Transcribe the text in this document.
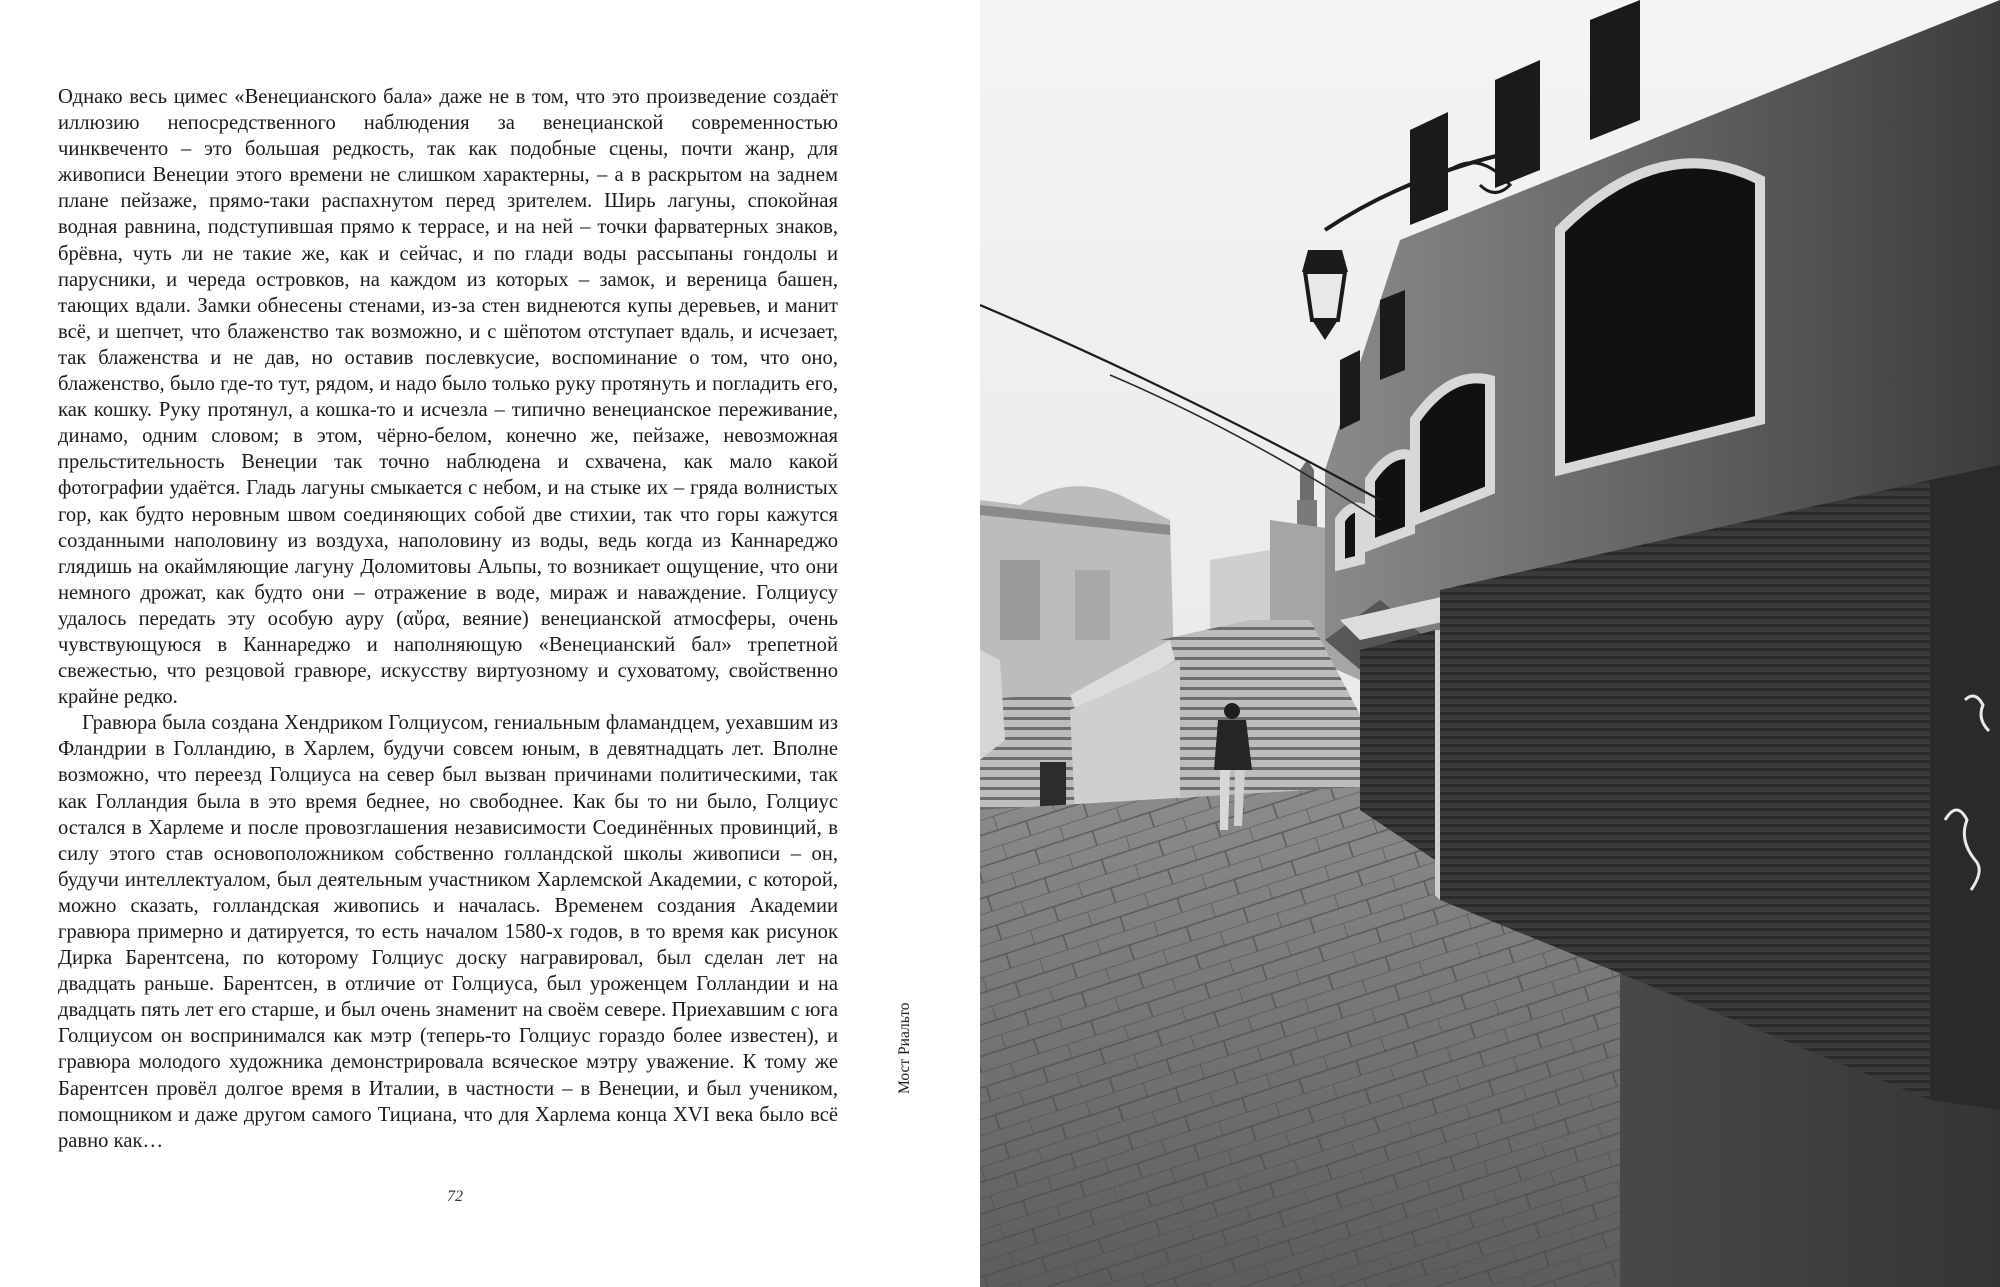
Однако весь цимес «Венецианского бала» даже не в том, что это произведение создаёт иллюзию непосредственного наблюдения за венецианской современностью чинквеченто – это большая редкость, так как подобные сцены, почти жанр, для живописи Венеции этого времени не слишком характерны, – а в раскрытом на заднем плане пейзаже, прямо-таки распахнутом перед зрителем. Ширь лагуны, спокойная водная равнина, подступившая прямо к террасе, и на ней – точки фарватерных знаков, брёвна, чуть ли не такие же, как и сейчас, и по глади воды рассыпаны гондолы и парусники, и череда островков, на каждом из которых – замок, и вереница башен, тающих вдали. Замки обнесены стенами, из-за стен виднеются купы деревьев, и манит всё, и шепчет, что блаженство так возможно, и с шёпотом отступает вдаль, и исчезает, так блаженства и не дав, но оставив послевкусие, воспоминание о том, что оно, блаженство, было где-то тут, рядом, и надо было только руку протянуть и погладить его, как кошку. Руку протянул, а кошка-то и исчезла – типично венецианское переживание, динамо, одним словом; в этом, чёрно-белом, конечно же, пейзаже, невозможная прельстительность Венеции так точно наблюдена и схвачена, как мало какой фотографии удаётся. Гладь лагуны смыкается с небом, и на стыке их – гряда волнистых гор, как будто неровным швом соединяющих собой две стихии, так что горы кажутся созданными наполовину из воздуха, наполовину из воды, ведь когда из Каннареджо глядишь на окаймляющие лагуну Доломитовы Альпы, то возникает ощущение, что они немного дрожат, как будто они – отражение в воде, мираж и наваждение. Голциусу удалось передать эту особую ауру (αὔρα, веяние) венецианской атмосферы, очень чувствующуюся в Каннареджо и наполняющую «Венецианский бал» трепетной свежестью, что резцовой гравюре, искусству виртуозному и суховатому, свойственно крайне редко.

Гравюра была создана Хендриком Голциусом, гениальным фламандцем, уехавшим из Фландрии в Голландию, в Харлем, будучи совсем юным, в девятнадцать лет. Вполне возможно, что переезд Голциуса на север был вызван причинами политическими, так как Голландия была в это время беднее, но свободнее. Как бы то ни было, Голциус остался в Харлеме и после провозглашения независимости Соединённых провинций, в силу этого став основоположником собственно голландской школы живописи – он, будучи интеллектуалом, был деятельным участником Харлемской Академии, с которой, можно сказать, голландская живопись и началась. Временем создания Академии гравюра примерно и датируется, то есть началом 1580-х годов, в то время как рисунок Дирка Барентсена, по которому Голциус доску награвировал, был сделан лет на двадцать раньше. Барентсен, в отличие от Голциуса, был уроженцем Голландии и на двадцать пять лет его старше, и был очень знаменит на своём севере. Приехавшим с юга Голциусом он воспринимался как мэтр (теперь-то Голциус гораздо более известен), и гравюра молодого художника демонстрировала всяческое мэтру уважение. К тому же Барентсен провёл долгое время в Италии, в частности – в Венеции, и был учеником, помощником и даже другом самого Тициана, что для Харлема конца XVI века было всё равно как…

72
Мост Риальто
